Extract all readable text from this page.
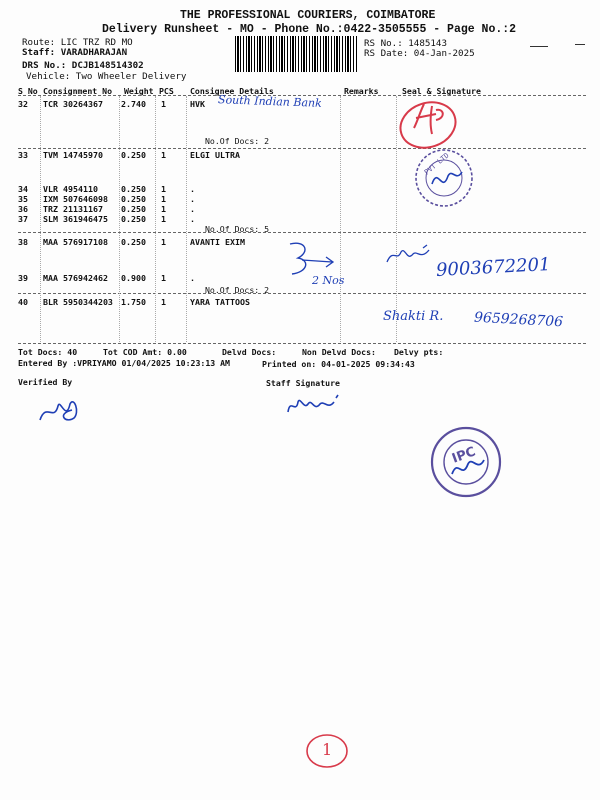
THE PROFESSIONAL COURIERS, COIMBATORE
Delivery Runsheet - MO - Phone No.:0422-3505555 - Page No.:2
Route: LIC TRZ RD MO
Staff: VARADHARAJAN
DRS No.: DCJB148514302
Vehicle: Two Wheeler Delivery
RS No.: 1485143
RS Date: 04-Jan-2025
S No Consignment No Weight PCS Consignee Details	Remarks	Seal & Signature
32 TCR 30264367 2.740 1	HVK
No.Of Docs: 2
33 TVM 14745970 0.250 1	ELGI ULTRA
34 VLR 4954110	0.250 1	.
35 IXM 507646098 0.250 1	.
36 TRZ 21131167 0.250 1	.
37 SLM 361946475 0.250 1	.
No.Of Docs: 5
38 MAA 576917108 0.250 1	AVANTI EXIM
39 MAA 576942462 0.900 1	.
No.Of Docs: 2
40 BLR 5950344203 1.750 1	YARA TATTOOS
Tot Docs: 40	Tot COD Amt: 0.00	Delvd Docs:	Non Delvd Docs: Delvy pts:
Entered By :VPRIYAMO 01/04/2025 10:23:13 AM	Printed on: 04-01-2025 09:34:43
Verified By	Staff Signature
South Indian Bank
9003672201
Shakti R. 9659268706
2 Nos
PVT LTD
IPC
1
